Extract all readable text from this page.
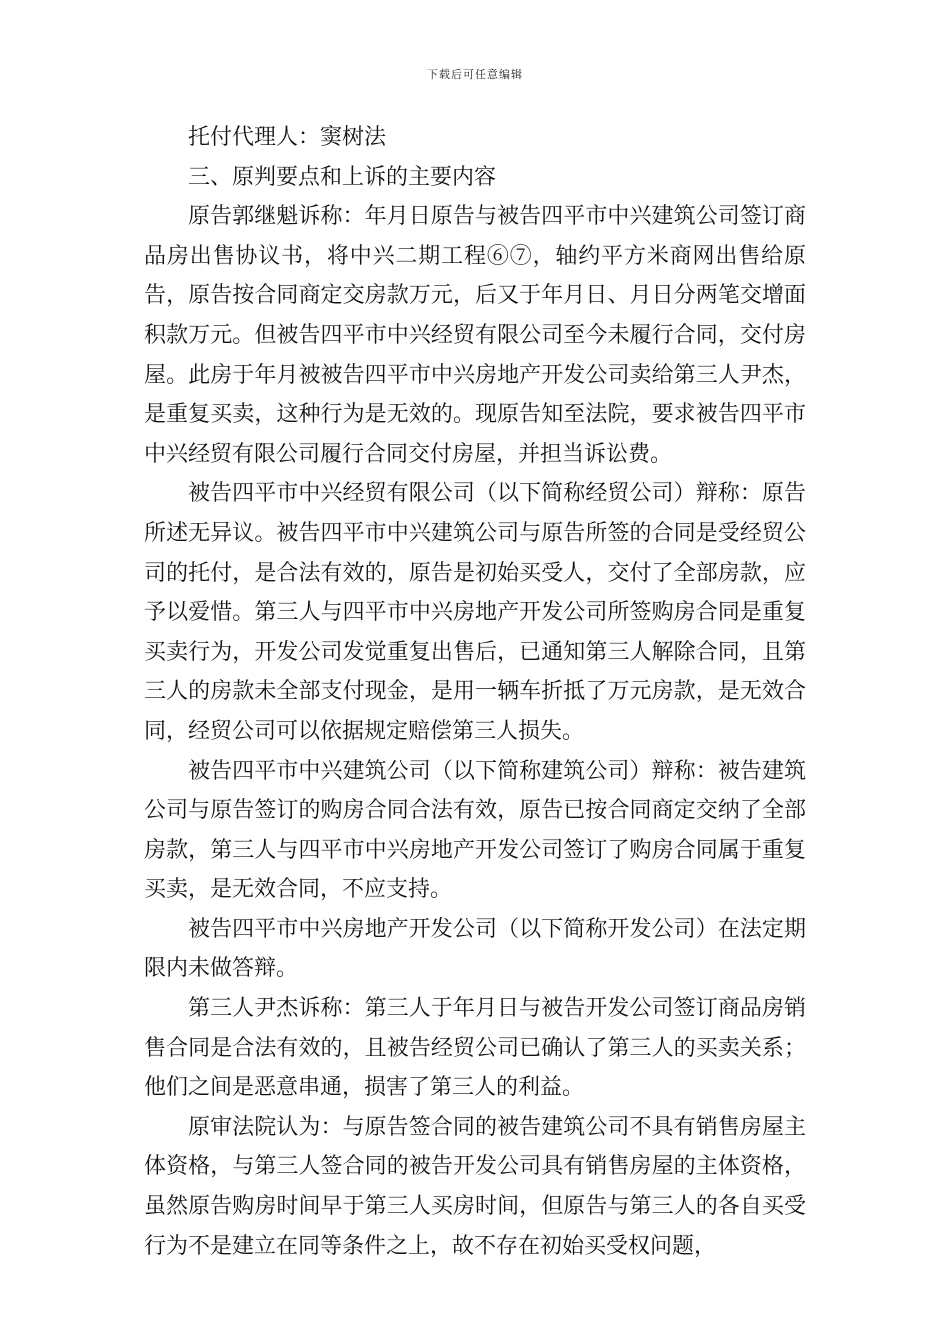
下载后可任意编辑

托付代理人：窦树法

三、原判要点和上诉的主要内容

原告郭继魁诉称：年月日原告与被告四平市中兴建筑公司签订商品房出售协议书，将中兴二期工程⑥⑦，轴约平方米商网出售给原告，原告按合同商定交房款万元，后又于年月日、月日分两笔交增面积款万元。但被告四平市中兴经贸有限公司至今未履行合同，交付房屋。此房于年月被被告四平市中兴房地产开发公司卖给第三人尹杰，是重复买卖，这种行为是无效的。现原告知至法院，要求被告四平市中兴经贸有限公司履行合同交付房屋，并担当诉讼费。

被告四平市中兴经贸有限公司（以下简称经贸公司）辩称：原告所述无异议。被告四平市中兴建筑公司与原告所签的合同是受经贸公司的托付，是合法有效的，原告是初始买受人，交付了全部房款，应予以爱惜。第三人与四平市中兴房地产开发公司所签购房合同是重复买卖行为，开发公司发觉重复出售后，已通知第三人解除合同，且第三人的房款未全部支付现金，是用一辆车折抵了万元房款，是无效合同，经贸公司可以依据规定赔偿第三人损失。

被告四平市中兴建筑公司（以下简称建筑公司）辩称：被告建筑公司与原告签订的购房合同合法有效，原告已按合同商定交纳了全部房款，第三人与四平市中兴房地产开发公司签订了购房合同属于重复买卖，是无效合同，不应支持。

被告四平市中兴房地产开发公司（以下简称开发公司）在法定期限内未做答辩。

第三人尹杰诉称：第三人于年月日与被告开发公司签订商品房销售合同是合法有效的，且被告经贸公司已确认了第三人的买卖关系；他们之间是恶意串通，损害了第三人的利益。

原审法院认为：与原告签合同的被告建筑公司不具有销售房屋主体资格，与第三人签合同的被告开发公司具有销售房屋的主体资格，虽然原告购房时间早于第三人买房时间，但原告与第三人的各自买受行为不是建立在同等条件之上，故不存在初始买受权问题，
